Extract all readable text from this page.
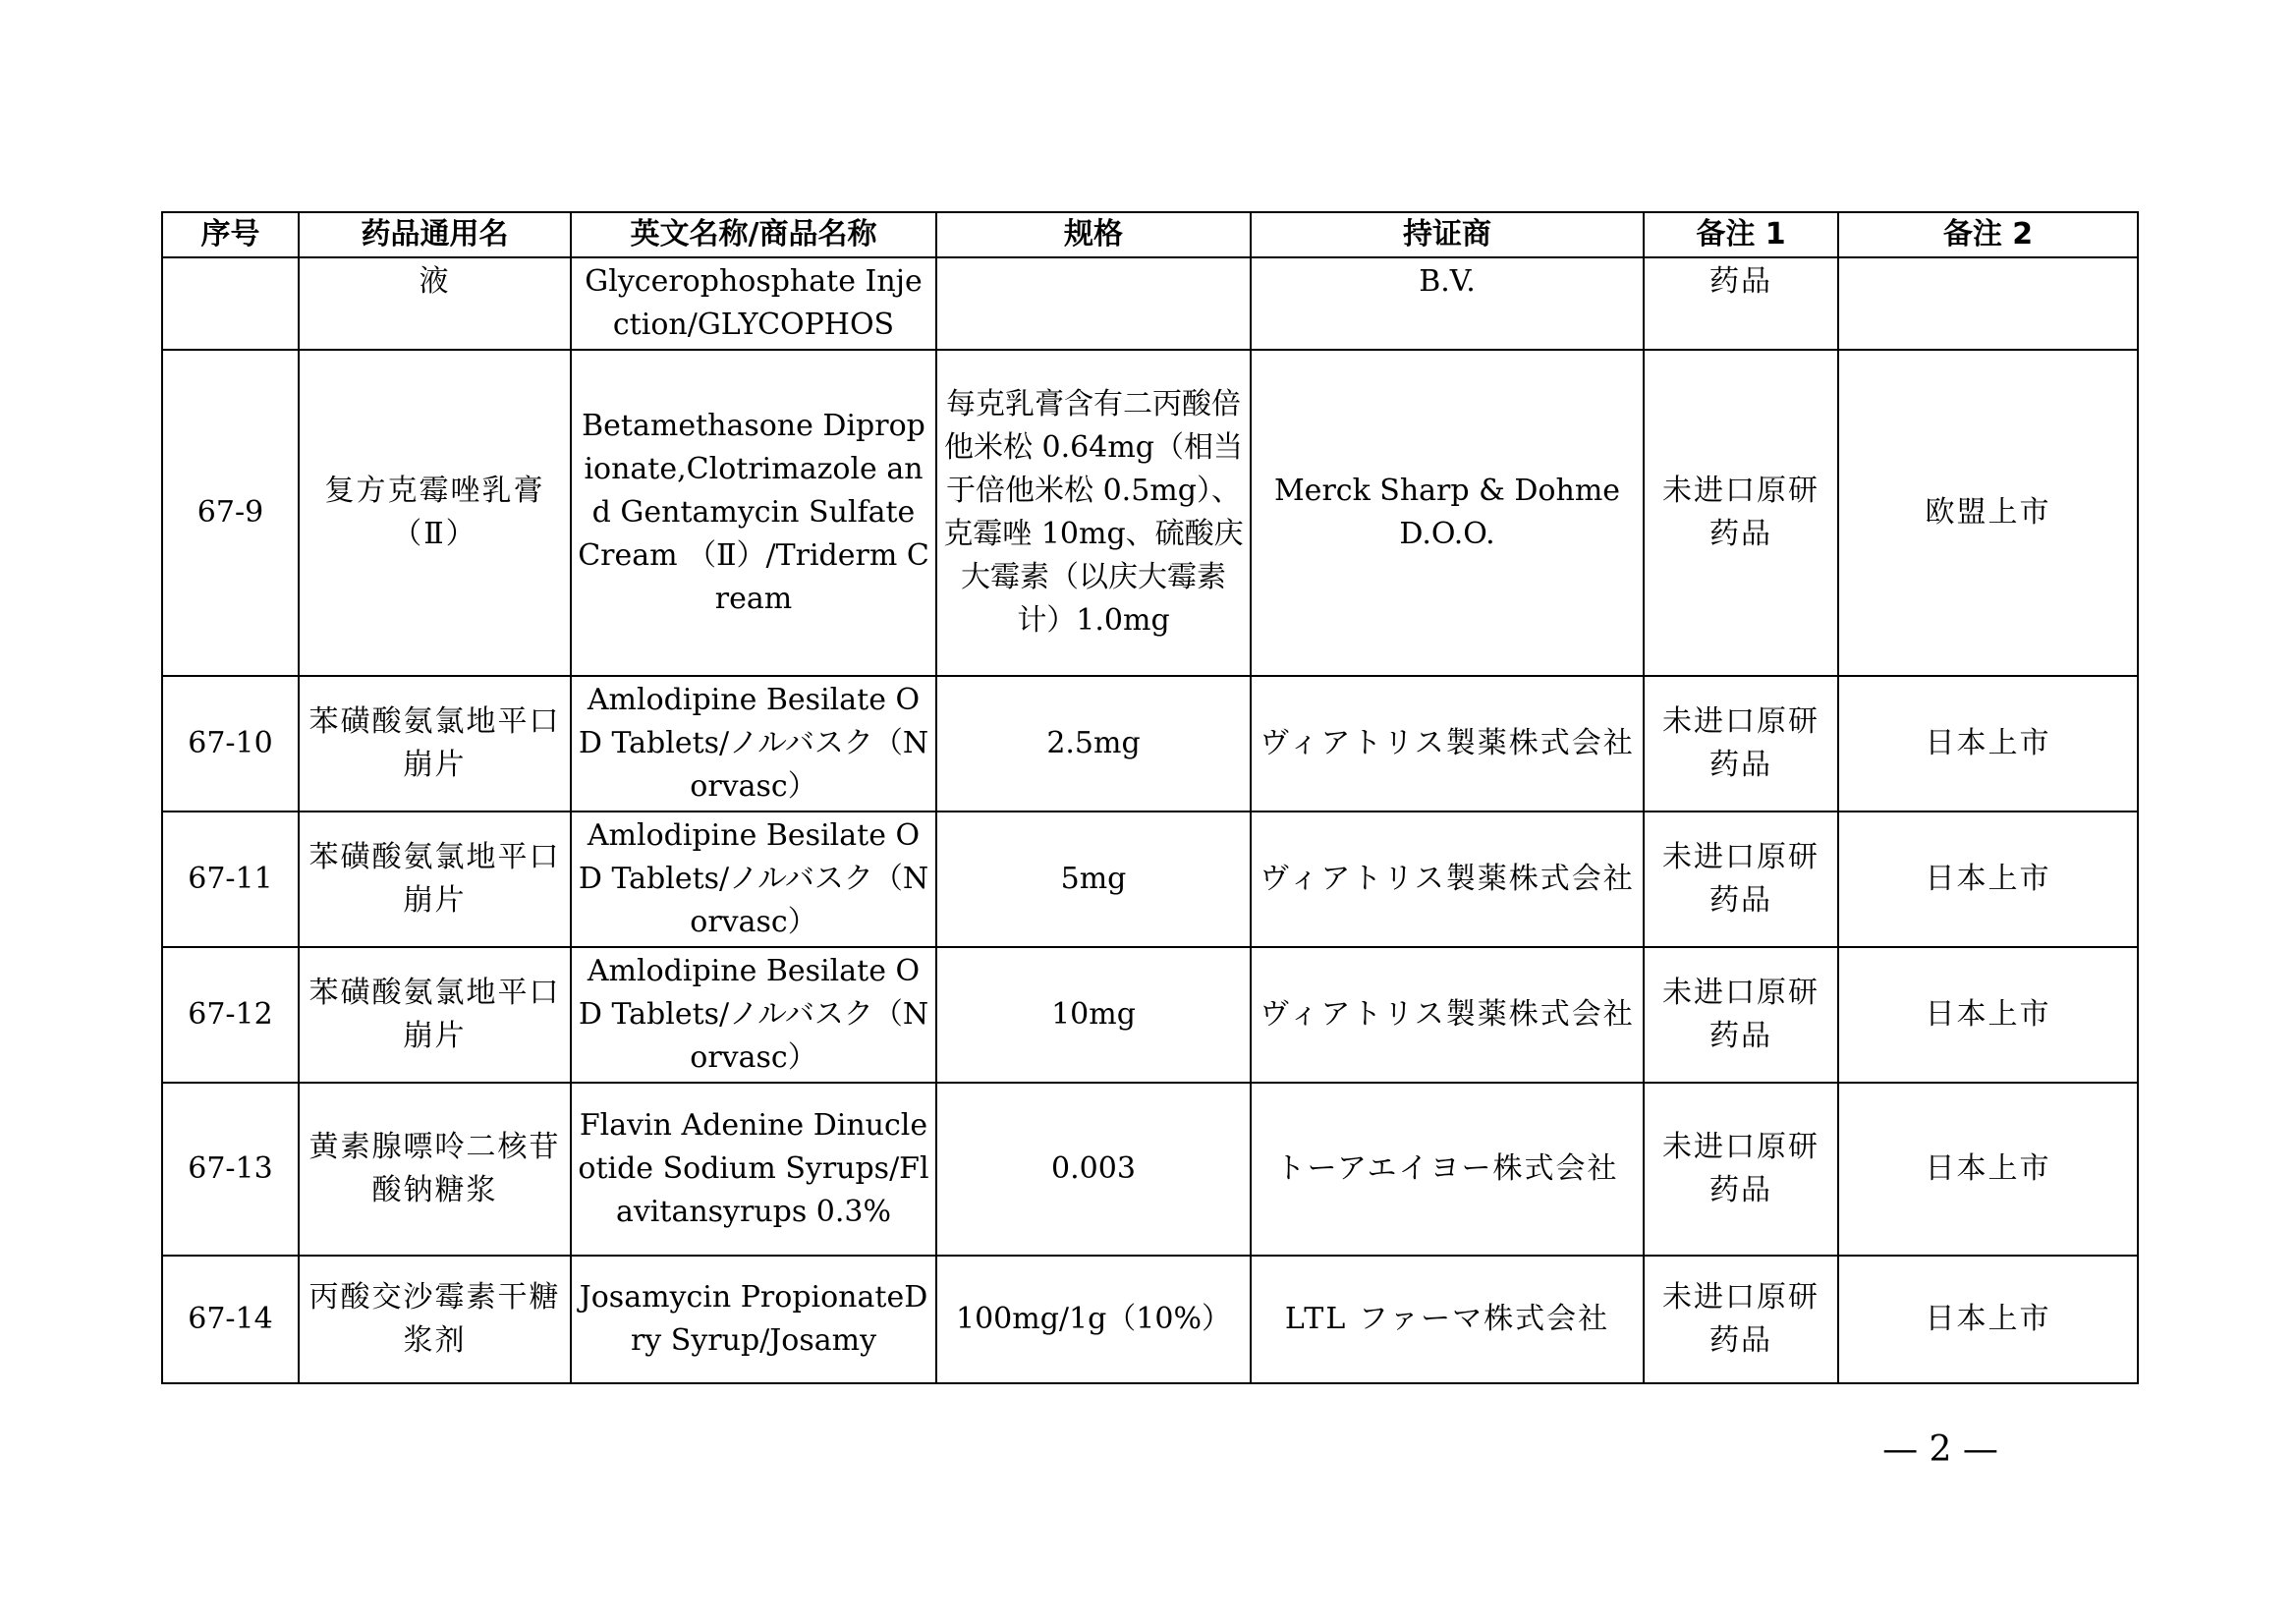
序号	药品通用名	英文名称/商品名称	规格	持证商	备注 1	备注 2
	液	Glycerophosphate Injection/GLYCOPHOS		B.V.	药品	
67-9	复方克霉唑乳膏（Ⅱ）	Betamethasone Dipropionate,Clotrimazole and Gentamycin Sulfate Cream （Ⅱ）/Triderm Cream	每克乳膏含有二丙酸倍他米松 0.64mg（相当于倍他米松 0.5mg）、克霉唑 10mg、硫酸庆大霉素（以庆大霉素计）1.0mg	Merck Sharp & Dohme D.O.O.	未进口原研药品	欧盟上市
67-10	苯磺酸氨氯地平口崩片	Amlodipine Besilate OD Tablets/ノルバスク（Norvasc）	2.5mg	ヴィアトリス製薬株式会社	未进口原研药品	日本上市
67-11	苯磺酸氨氯地平口崩片	Amlodipine Besilate OD Tablets/ノルバスク（Norvasc）	5mg	ヴィアトリス製薬株式会社	未进口原研药品	日本上市
67-12	苯磺酸氨氯地平口崩片	Amlodipine Besilate OD Tablets/ノルバスク（Norvasc）	10mg	ヴィアトリス製薬株式会社	未进口原研药品	日本上市
67-13	黄素腺嘌呤二核苷酸钠糖浆	Flavin Adenine Dinucleotide Sodium Syrups/Flavitansyrups 0.3%	0.003	トーアエイヨー株式会社	未进口原研药品	日本上市
67-14	丙酸交沙霉素干糖浆剂	Josamycin PropionateDry Syrup/Josamy	100mg/1g（10%）	LTL ファーマ株式会社	未进口原研药品	日本上市
— 2 —
